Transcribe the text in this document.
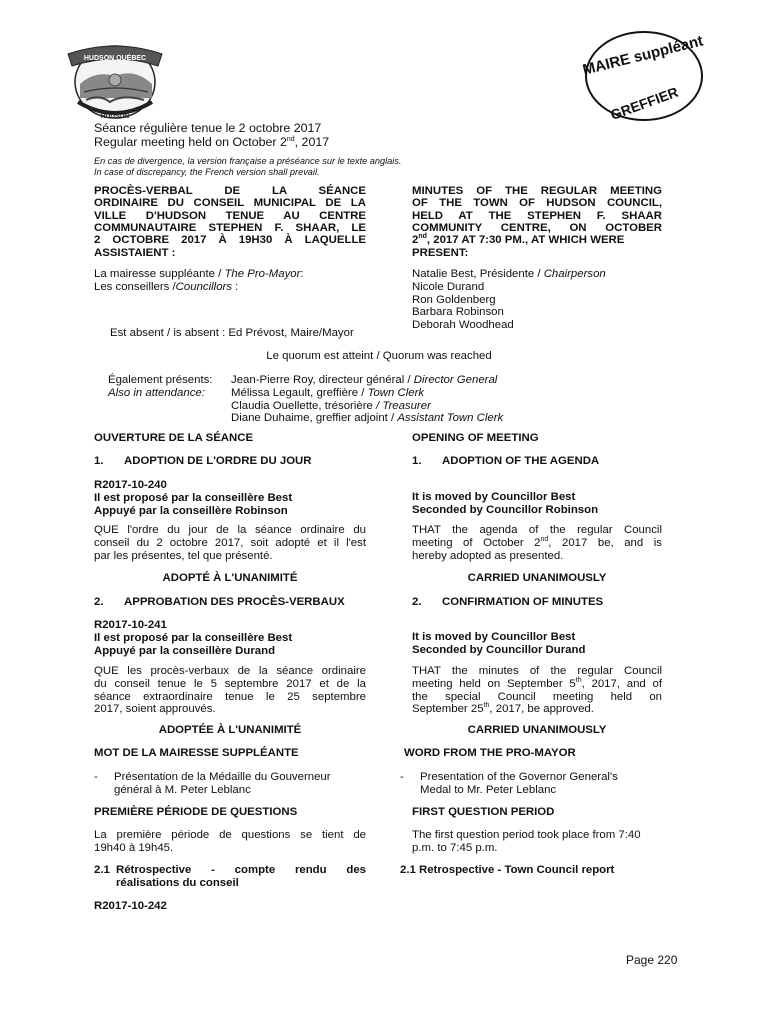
HUDSON QUÉBEC
HUDSON
MAIRE suppléant
GREFFIER
Séance régulière tenue le 2 octobre 2017
Regular meeting held on October 2nd, 2017
En cas de divergence, la version française a préséance sur le texte anglais.
In case of discrepancy, the French version shall prevail.
PROCÈS-VERBAL DE LA SÉANCE
ORDINAIRE DU CONSEIL MUNICIPAL DE LA
VILLE D'HUDSON TENUE AU CENTRE
COMMUNAUTAIRE STEPHEN F. SHAAR, LE
2 OCTOBRE 2017 À 19H30 À LAQUELLE
ASSISTAIENT :
MINUTES OF THE REGULAR MEETING
OF THE TOWN OF HUDSON COUNCIL,
HELD AT THE STEPHEN F. SHAAR
COMMUNITY CENTRE, ON OCTOBER
2nd, 2017 AT 7:30 PM., AT WHICH WERE
PRESENT:
La mairesse suppléante / The Pro-Mayor:
Les conseillers /Councillors :
Natalie Best, Présidente / Chairperson
Nicole Durand
Ron Goldenberg
Barbara Robinson
Deborah Woodhead
Est absent / is absent : Ed Prévost, Maire/Mayor
Le quorum est atteint / Quorum was reached
Également présents:
Also in attendance:
Jean-Pierre Roy, directeur général / Director General
Mélissa Legault, greffière / Town Clerk
Claudia Ouellette, trésorière / Treasurer
Diane Duhaime, greffier adjoint / Assistant Town Clerk
OUVERTURE DE LA SÉANCE	OPENING OF MEETING
1. ADOPTION DE L'ORDRE DU JOUR	1. ADOPTION OF THE AGENDA
R2017-10-240
Il est proposé par la conseillère Best
Appuyé par la conseillère Robinson
It is moved by Councillor Best
Seconded by Councillor Robinson
QUE l'ordre du jour de la séance ordinaire du
conseil du 2 octobre 2017, soit adopté et il l'est
par les présentes, tel que présenté.
THAT the agenda of the regular Council
meeting of October 2nd, 2017 be, and is
hereby adopted as presented.
ADOPTÉ À L'UNANIMITÉ	CARRIED UNANIMOUSLY
2. APPROBATION DES PROCÈS-VERBAUX	2. CONFIRMATION OF MINUTES
R2017-10-241
Il est proposé par la conseillère Best
Appuyé par la conseillère Durand
It is moved by Councillor Best
Seconded by Councillor Durand
QUE les procès-verbaux de la séance ordinaire
du conseil tenue le 5 septembre 2017 et de la
séance extraordinaire tenue le 25 septembre
2017, soient approuvés.
THAT the minutes of the regular Council
meeting held on September 5th, 2017, and of
the special Council meeting held on
September 25th, 2017, be approved.
ADOPTÉE À L'UNANIMITÉ	CARRIED UNANIMOUSLY
MOT DE LA MAIRESSE SUPPLÉANTE	WORD FROM THE PRO-MAYOR
- Présentation de la Médaille du Gouverneur
général à M. Peter Leblanc
- Presentation of the Governor General's
Medal to Mr. Peter Leblanc
PREMIÈRE PÉRIODE DE QUESTIONS	FIRST QUESTION PERIOD
La première période de questions se tient de
19h40 à 19h45.
The first question period took place from 7:40
p.m. to 7:45 p.m.
2.1 Rétrospective - compte rendu des
réalisations du conseil
2.1 Retrospective - Town Council report
R2017-10-242
Page 220
